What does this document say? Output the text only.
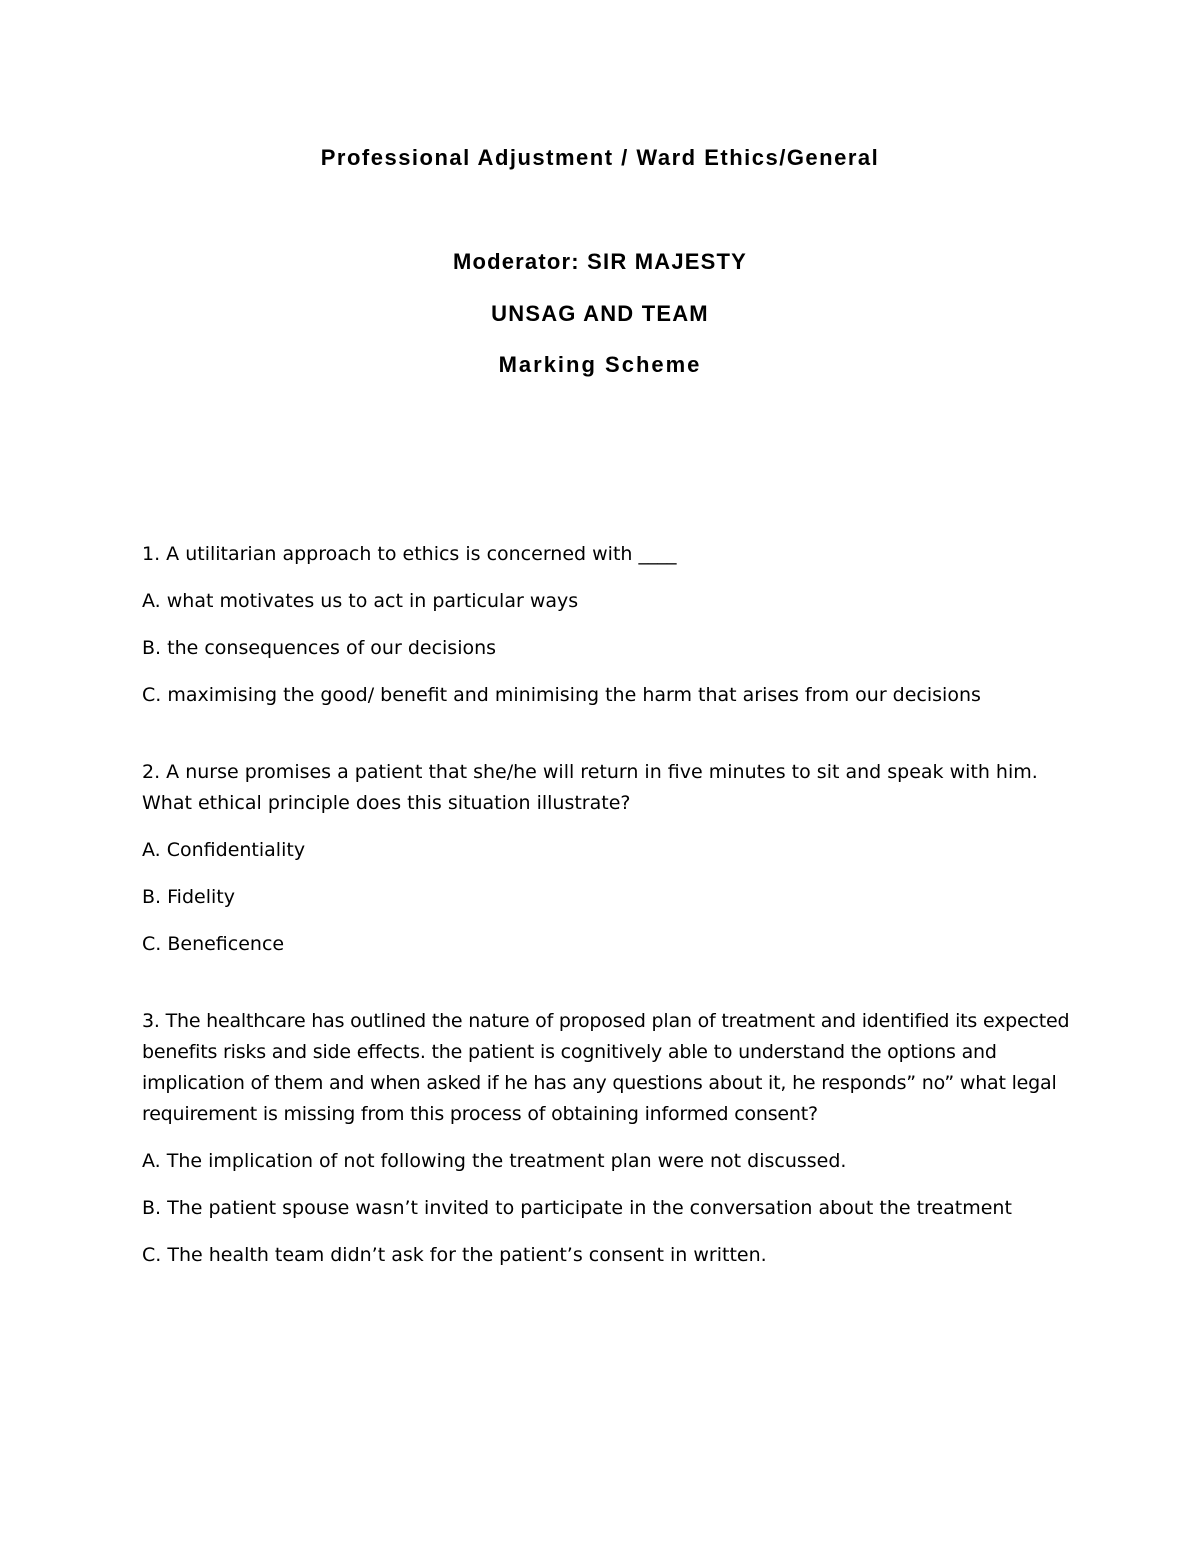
Professional Adjustment / Ward Ethics/General

Moderator: SIR MAJESTY

UNSAG AND TEAM

Marking Scheme

1. A utilitarian approach to ethics is concerned with ____

A. what motivates us to act in particular ways

B. the consequences of our decisions

C. maximising the good/ benefit and minimising the harm that arises from our decisions

2. A nurse promises a patient that she/he will return in five minutes to sit and speak with him. What ethical principle does this situation illustrate?

A. Confidentiality

B. Fidelity

C. Beneficence

3. The healthcare has outlined the nature of proposed plan of treatment and identified its expected benefits risks and side effects. the patient is cognitively able to understand the options and implication of them and when asked if he has any questions about it, he responds” no” what legal requirement is missing from this process of obtaining informed consent?

A. The implication of not following the treatment plan were not discussed.

B. The patient spouse wasn’t invited to participate in the conversation about the treatment

C. The health team didn’t ask for the patient’s consent in written.
